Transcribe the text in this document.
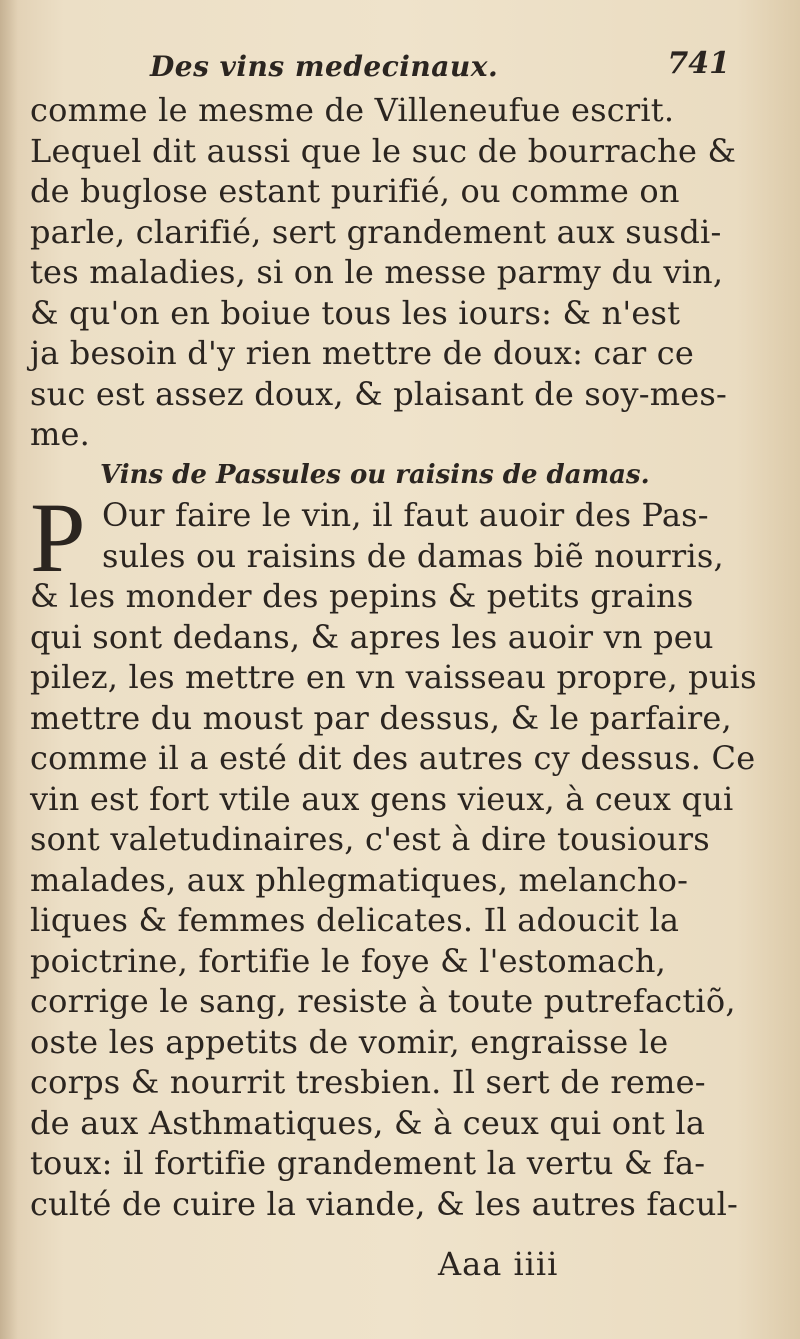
Des vins medecinaux.	741
comme le mesme de Villeneufue escrit.
Lequel dit aussi que le suc de bourrache &
de buglose estant purifié, ou comme on
parle, clarifié, sert grandement aux susdi-
tes maladies, si on le messe parmy du vin,
& qu'on en boiue tous les iours: & n'est
ja besoin d'y rien mettre de doux: car ce
suc est assez doux, & plaisant de soy-mes-
me.
Vins de Passules ou raisins de damas.
P Our faire le vin, il faut auoir des Pas-
sules ou raisins de damas biẽ nourris,
& les monder des pepins & petits grains
qui sont dedans, & apres les auoir vn peu
pilez, les mettre en vn vaisseau propre, puis
mettre du moust par dessus, & le parfaire,
comme il a esté dit des autres cy dessus. Ce
vin est fort vtile aux gens vieux, à ceux qui
sont valetudinaires, c'est à dire tousiours
malades, aux phlegmatiques, melancho-
liques & femmes delicates. Il adoucit la
poictrine, fortifie le foye & l'estomach,
corrige le sang, resiste à toute putrefactiõ,
oste les appetits de vomir, engraisse le
corps & nourrit tresbien. Il sert de reme-
de aux Asthmatiques, & à ceux qui ont la
toux: il fortifie grandement la vertu & fa-
culté de cuire la viande, & les autres facul-
Aaa iiii
